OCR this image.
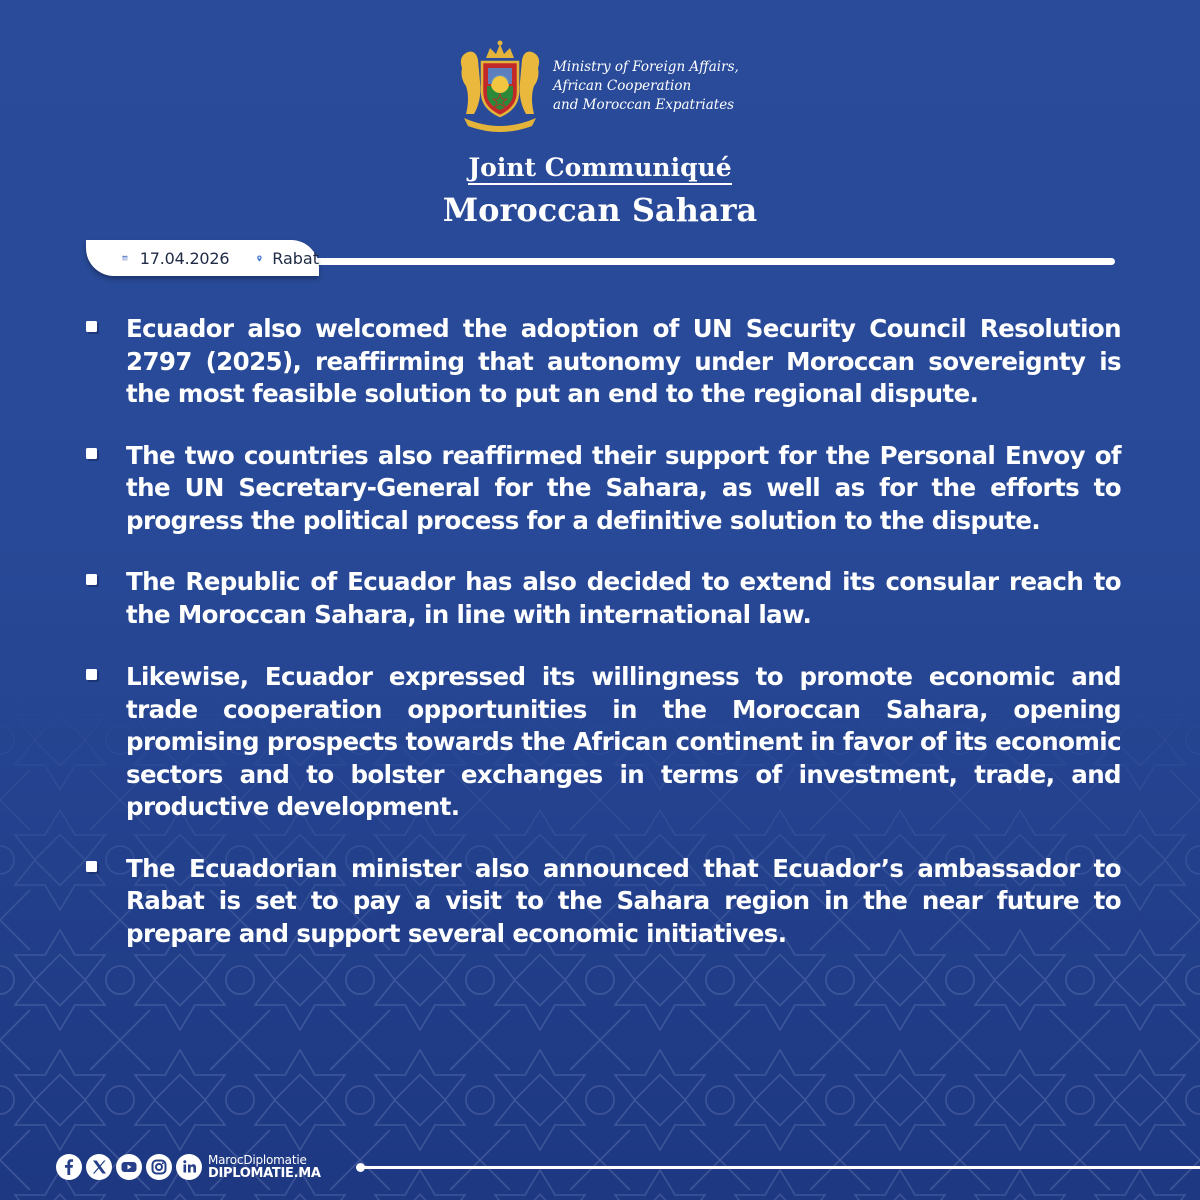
Ministry of Foreign Affairs,
African Cooperation
and Moroccan Expatriates
Joint Communiqué
Moroccan Sahara
17.04.2026	Rabat

Ecuador also welcomed the adoption of UN Security Council Resolution 2797 (2025), reaffirming that autonomy under Moroccan sovereignty is the most feasible solution to put an end to the regional dispute.

The two countries also reaffirmed their support for the Personal Envoy of the UN Secretary-General for the Sahara, as well as for the efforts to progress the political process for a definitive solution to the dispute.

The Republic of Ecuador has also decided to extend its consular reach to the Moroccan Sahara, in line with international law.

Likewise, Ecuador expressed its willingness to promote economic and trade cooperation opportunities in the Moroccan Sahara, opening promising prospects towards the African continent in favor of its economic sectors and to bolster exchanges in terms of investment, trade, and productive development.

The Ecuadorian minister also announced that Ecuador’s ambassador to Rabat is set to pay a visit to the Sahara region in the near future to prepare and support several economic initiatives.

MarocDiplomatie
DIPLOMATIE.MA
